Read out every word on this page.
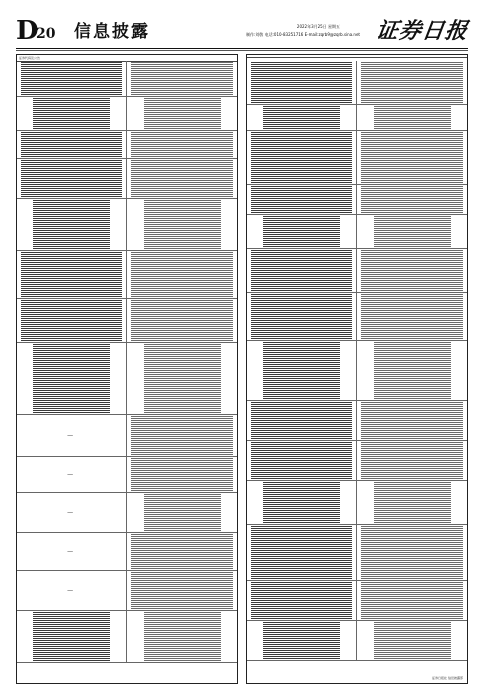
D
20 信息披露	2022年3月25日 星期五
制作:刘敬 电话:010-83251716 E-mail:zqrb9@zqrb.sina.net 证券日报
证券代码及公告
—
—
—
—
—
证券日报社 信息披露部
